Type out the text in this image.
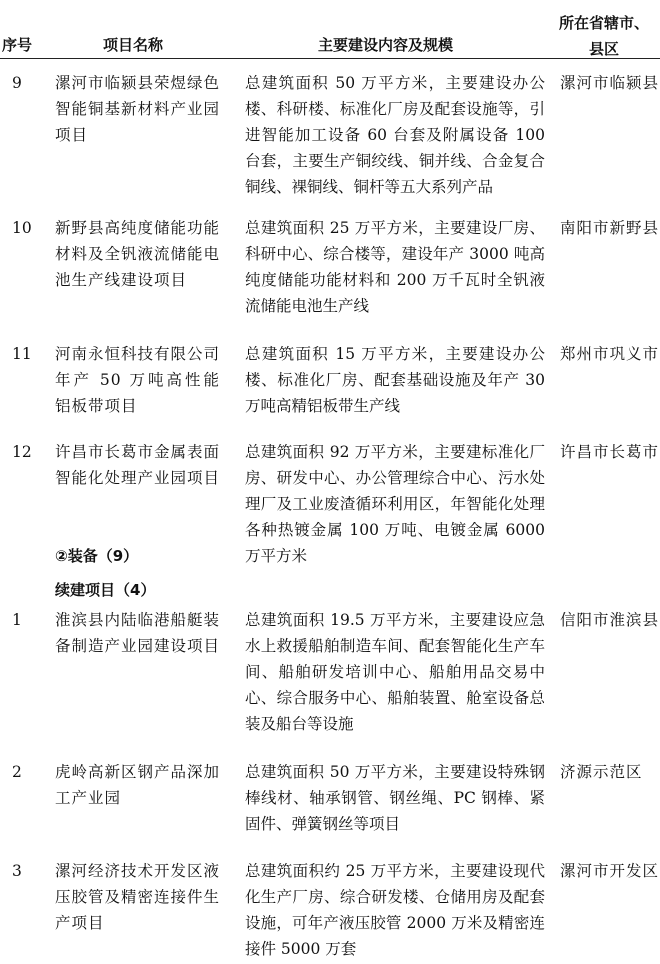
序号	项目名称	主要建设内容及规模
所在省辖市、
县区
9 漯河市临颍县荣煜绿色智能铜基新材料产业园项目
总建筑面积 50 万平方米，主要建设办公楼、科研楼、标准化厂房及配套设施等，引进智能加工设备 60 台套及附属设备 100 台套，主要生产铜绞线、铜并线、合金复合铜线、裸铜线、铜杆等五大系列产品
漯河市临颍县
10 新野县高纯度储能功能材料及全钒液流储能电池生产线建设项目
总建筑面积 25 万平方米，主要建设厂房、科研中心、综合楼等，建设年产 3000 吨高纯度储能功能材料和 200 万千瓦时全钒液流储能电池生产线
南阳市新野县
11 河南永恒科技有限公司年产 50 万吨高性能铝板带项目
总建筑面积 15 万平方米，主要建设办公楼、标准化厂房、配套基础设施及年产 30 万吨高精铝板带生产线
郑州市巩义市
12 许昌市长葛市金属表面智能化处理产业园项目
总建筑面积 92 万平方米，主要建标准化厂房、研发中心、办公管理综合中心、污水处理厂及工业废渣循环利用区，年智能化处理各种热镀金属 100 万吨、电镀金属 6000 万平方米
许昌市长葛市
②装备（9）
续建项目（4）
1 淮滨县内陆临港船艇装备制造产业园建设项目
总建筑面积 19.5 万平方米，主要建设应急水上救援船舶制造车间、配套智能化生产车间、船舶研发培训中心、船舶用品交易中心、综合服务中心、船舶装置、舱室设备总装及船台等设施
信阳市淮滨县
2 虎岭高新区钢产品深加工产业园
总建筑面积 50 万平方米，主要建设特殊钢棒线材、轴承钢管、钢丝绳、PC 钢棒、紧固件、弹簧钢丝等项目
济源示范区
3 漯河经济技术开发区液压胶管及精密连接件生产项目
总建筑面积约 25 万平方米，主要建设现代化生产厂房、综合研发楼、仓储用房及配套设施，可年产液压胶管 2000 万米及精密连接件 5000 万套
漯河市开发区
